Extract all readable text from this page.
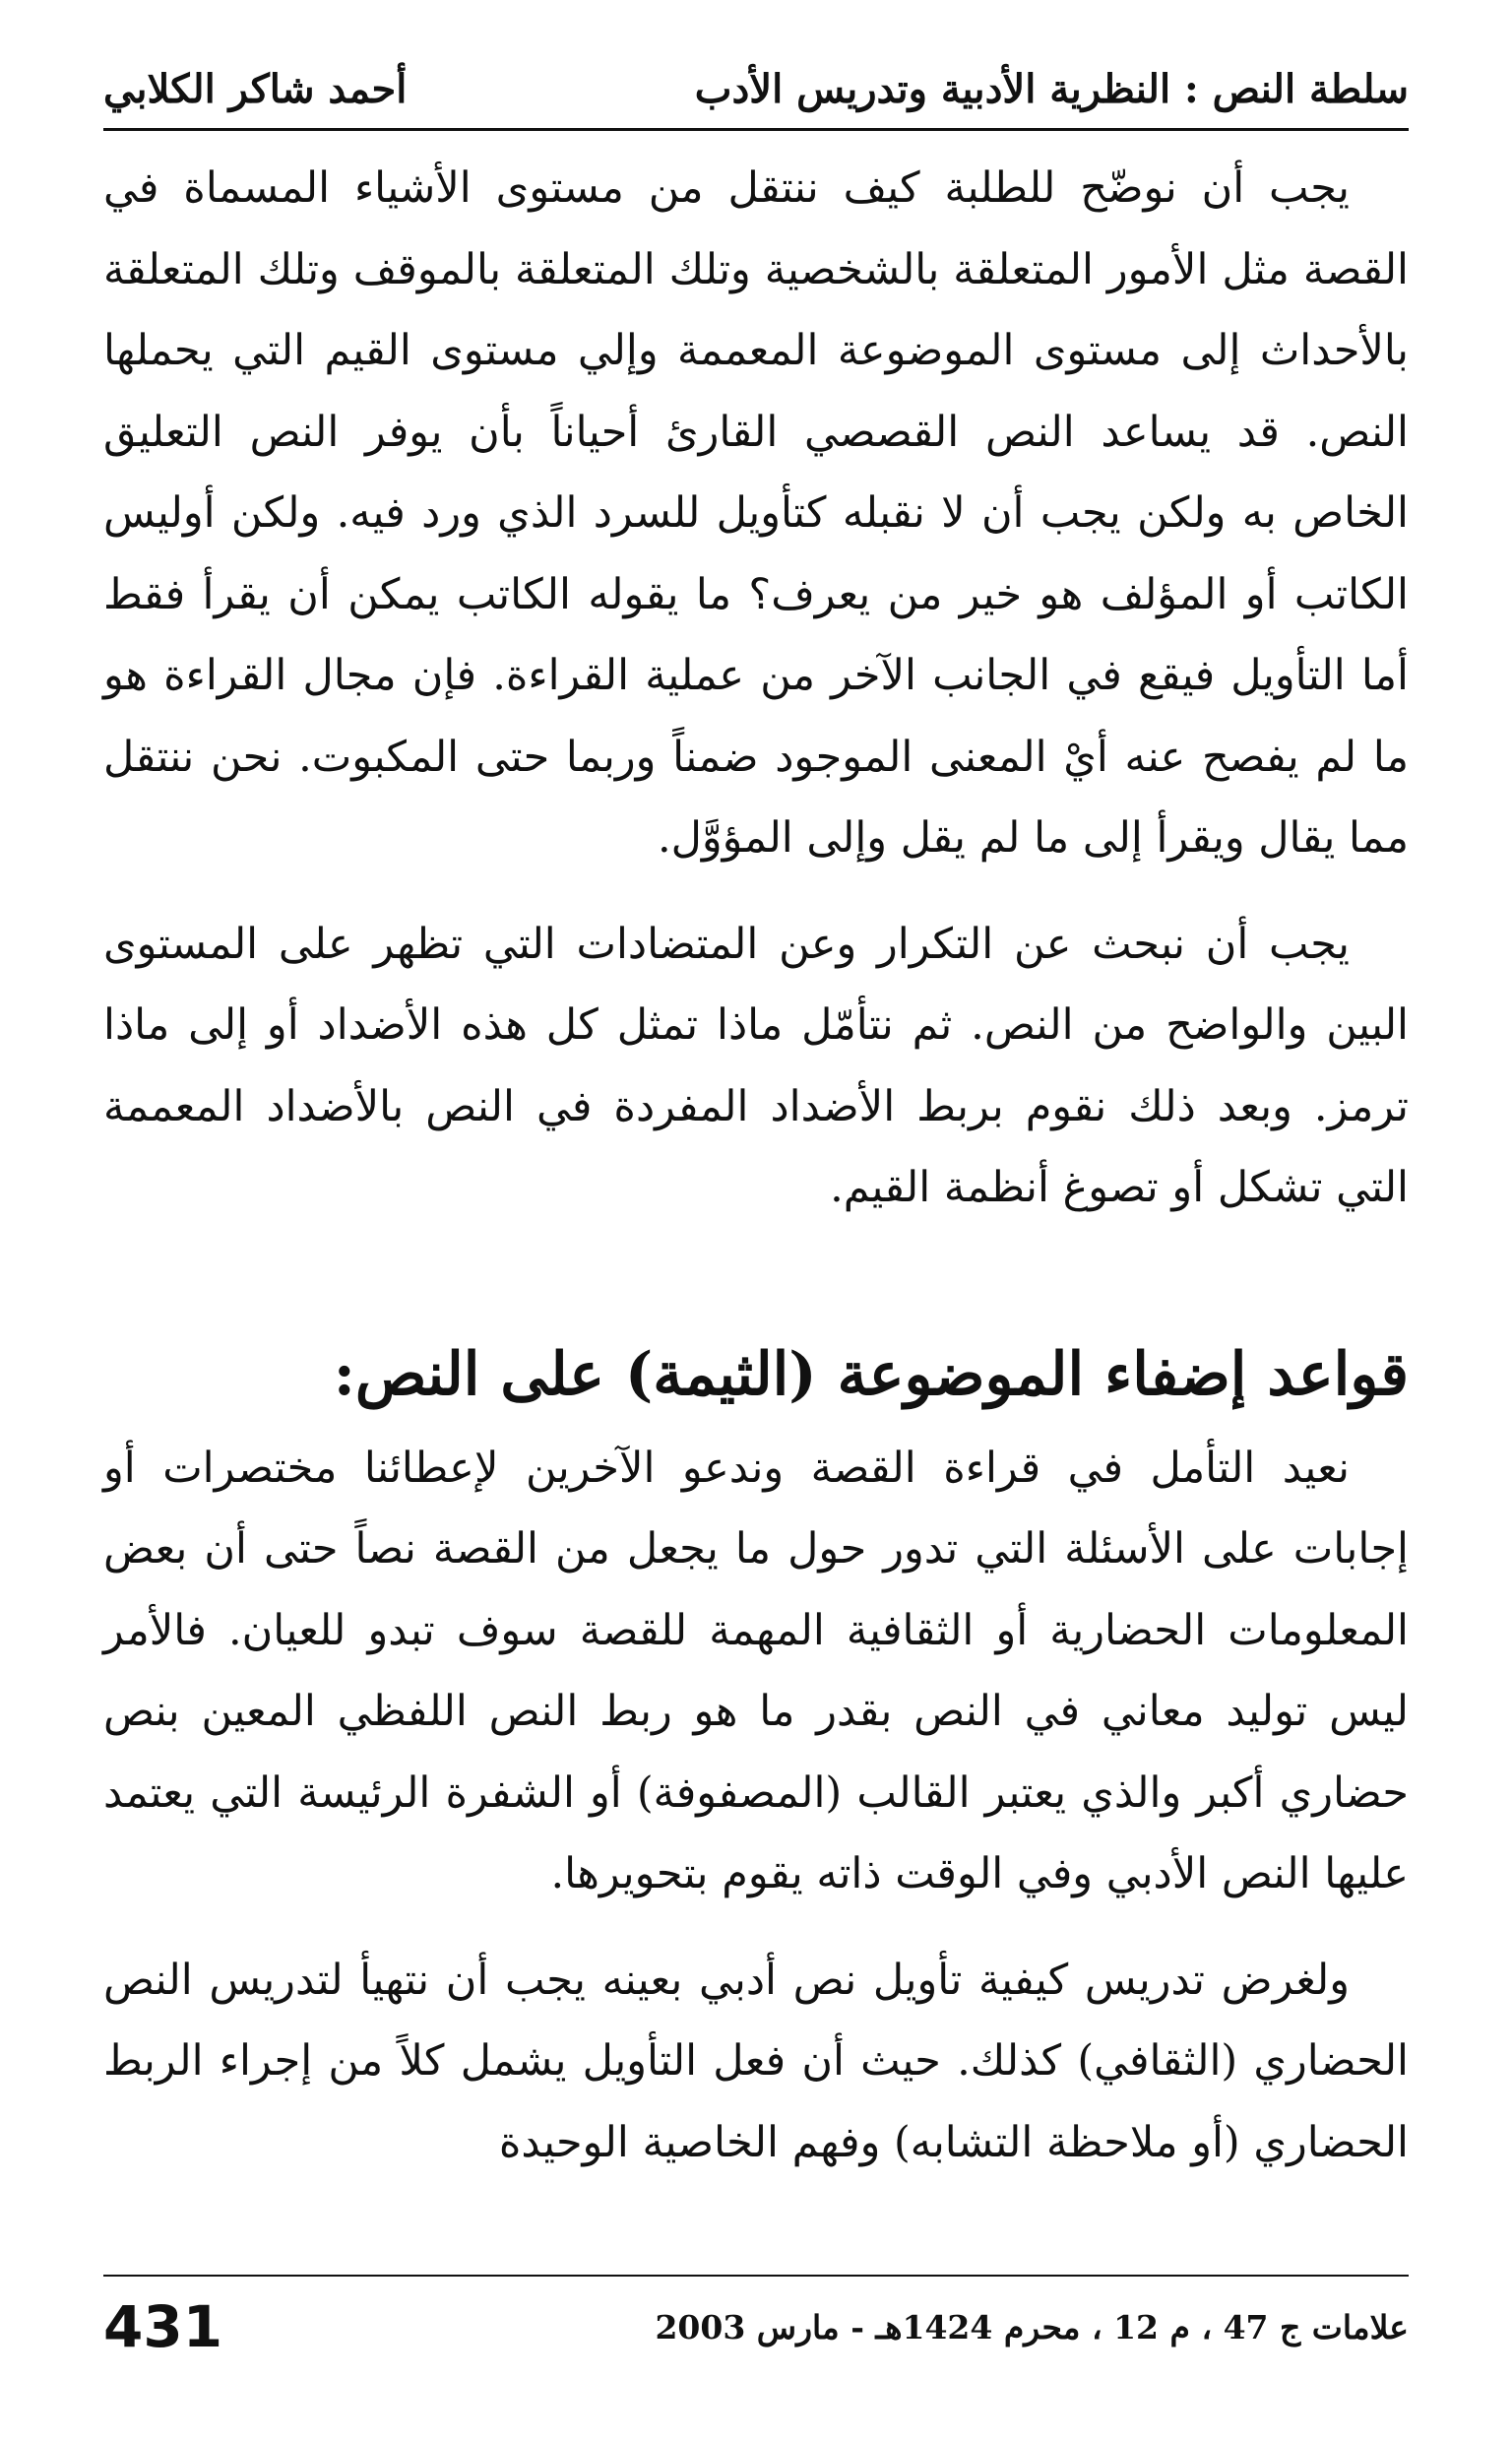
سلطة النص : النظرية الأدبية وتدريس الأدب
أحمد شاكر الكلابي

يجب أن نوضّح للطلبة كيف ننتقل من مستوى الأشياء المسماة في القصة مثل الأمور المتعلقة بالشخصية وتلك المتعلقة بالموقف وتلك المتعلقة بالأحداث إلى مستوى الموضوعة المعممة وإلي مستوى القيم التي يحملها النص. قد يساعد النص القصصي القارئ أحياناً بأن يوفر النص التعليق الخاص به ولكن يجب أن لا نقبله كتأويل للسرد الذي ورد فيه. ولكن أوليس الكاتب أو المؤلف هو خير من يعرف؟ ما يقوله الكاتب يمكن أن يقرأ فقط أما التأويل فيقع في الجانب الآخر من عملية القراءة. فإن مجال القراءة هو ما لم يفصح عنه أيْ المعنى الموجود ضمناً وربما حتى المكبوت. نحن ننتقل مما يقال ويقرأ إلى ما لم يقل وإلى المؤوَّل.

يجب أن نبحث عن التكرار وعن المتضادات التي تظهر على المستوى البين والواضح من النص. ثم نتأمّل ماذا تمثل كل هذه الأضداد أو إلى ماذا ترمز. وبعد ذلك نقوم بربط الأضداد المفردة في النص بالأضداد المعممة التي تشكل أو تصوغ أنظمة القيم.

قواعد إضفاء الموضوعة (الثيمة) على النص:

نعيد التأمل في قراءة القصة وندعو الآخرين لإعطائنا مختصرات أو إجابات على الأسئلة التي تدور حول ما يجعل من القصة نصاً حتى أن بعض المعلومات الحضارية أو الثقافية المهمة للقصة سوف تبدو للعيان. فالأمر ليس توليد معاني في النص بقدر ما هو ربط النص اللفظي المعين بنص حضاري أكبر والذي يعتبر القالب (المصفوفة) أو الشفرة الرئيسة التي يعتمد عليها النص الأدبي وفي الوقت ذاته يقوم بتحويرها.

ولغرض تدريس كيفية تأويل نص أدبي بعينه يجب أن نتهيأ لتدريس النص الحضاري (الثقافي) كذلك. حيث أن فعل التأويل يشمل كلاً من إجراء الربط الحضاري (أو ملاحظة التشابه) وفهم الخاصية الوحيدة

علامات ج 47 ، م 12 ، محرم 1424هـ - مارس 2003
431
